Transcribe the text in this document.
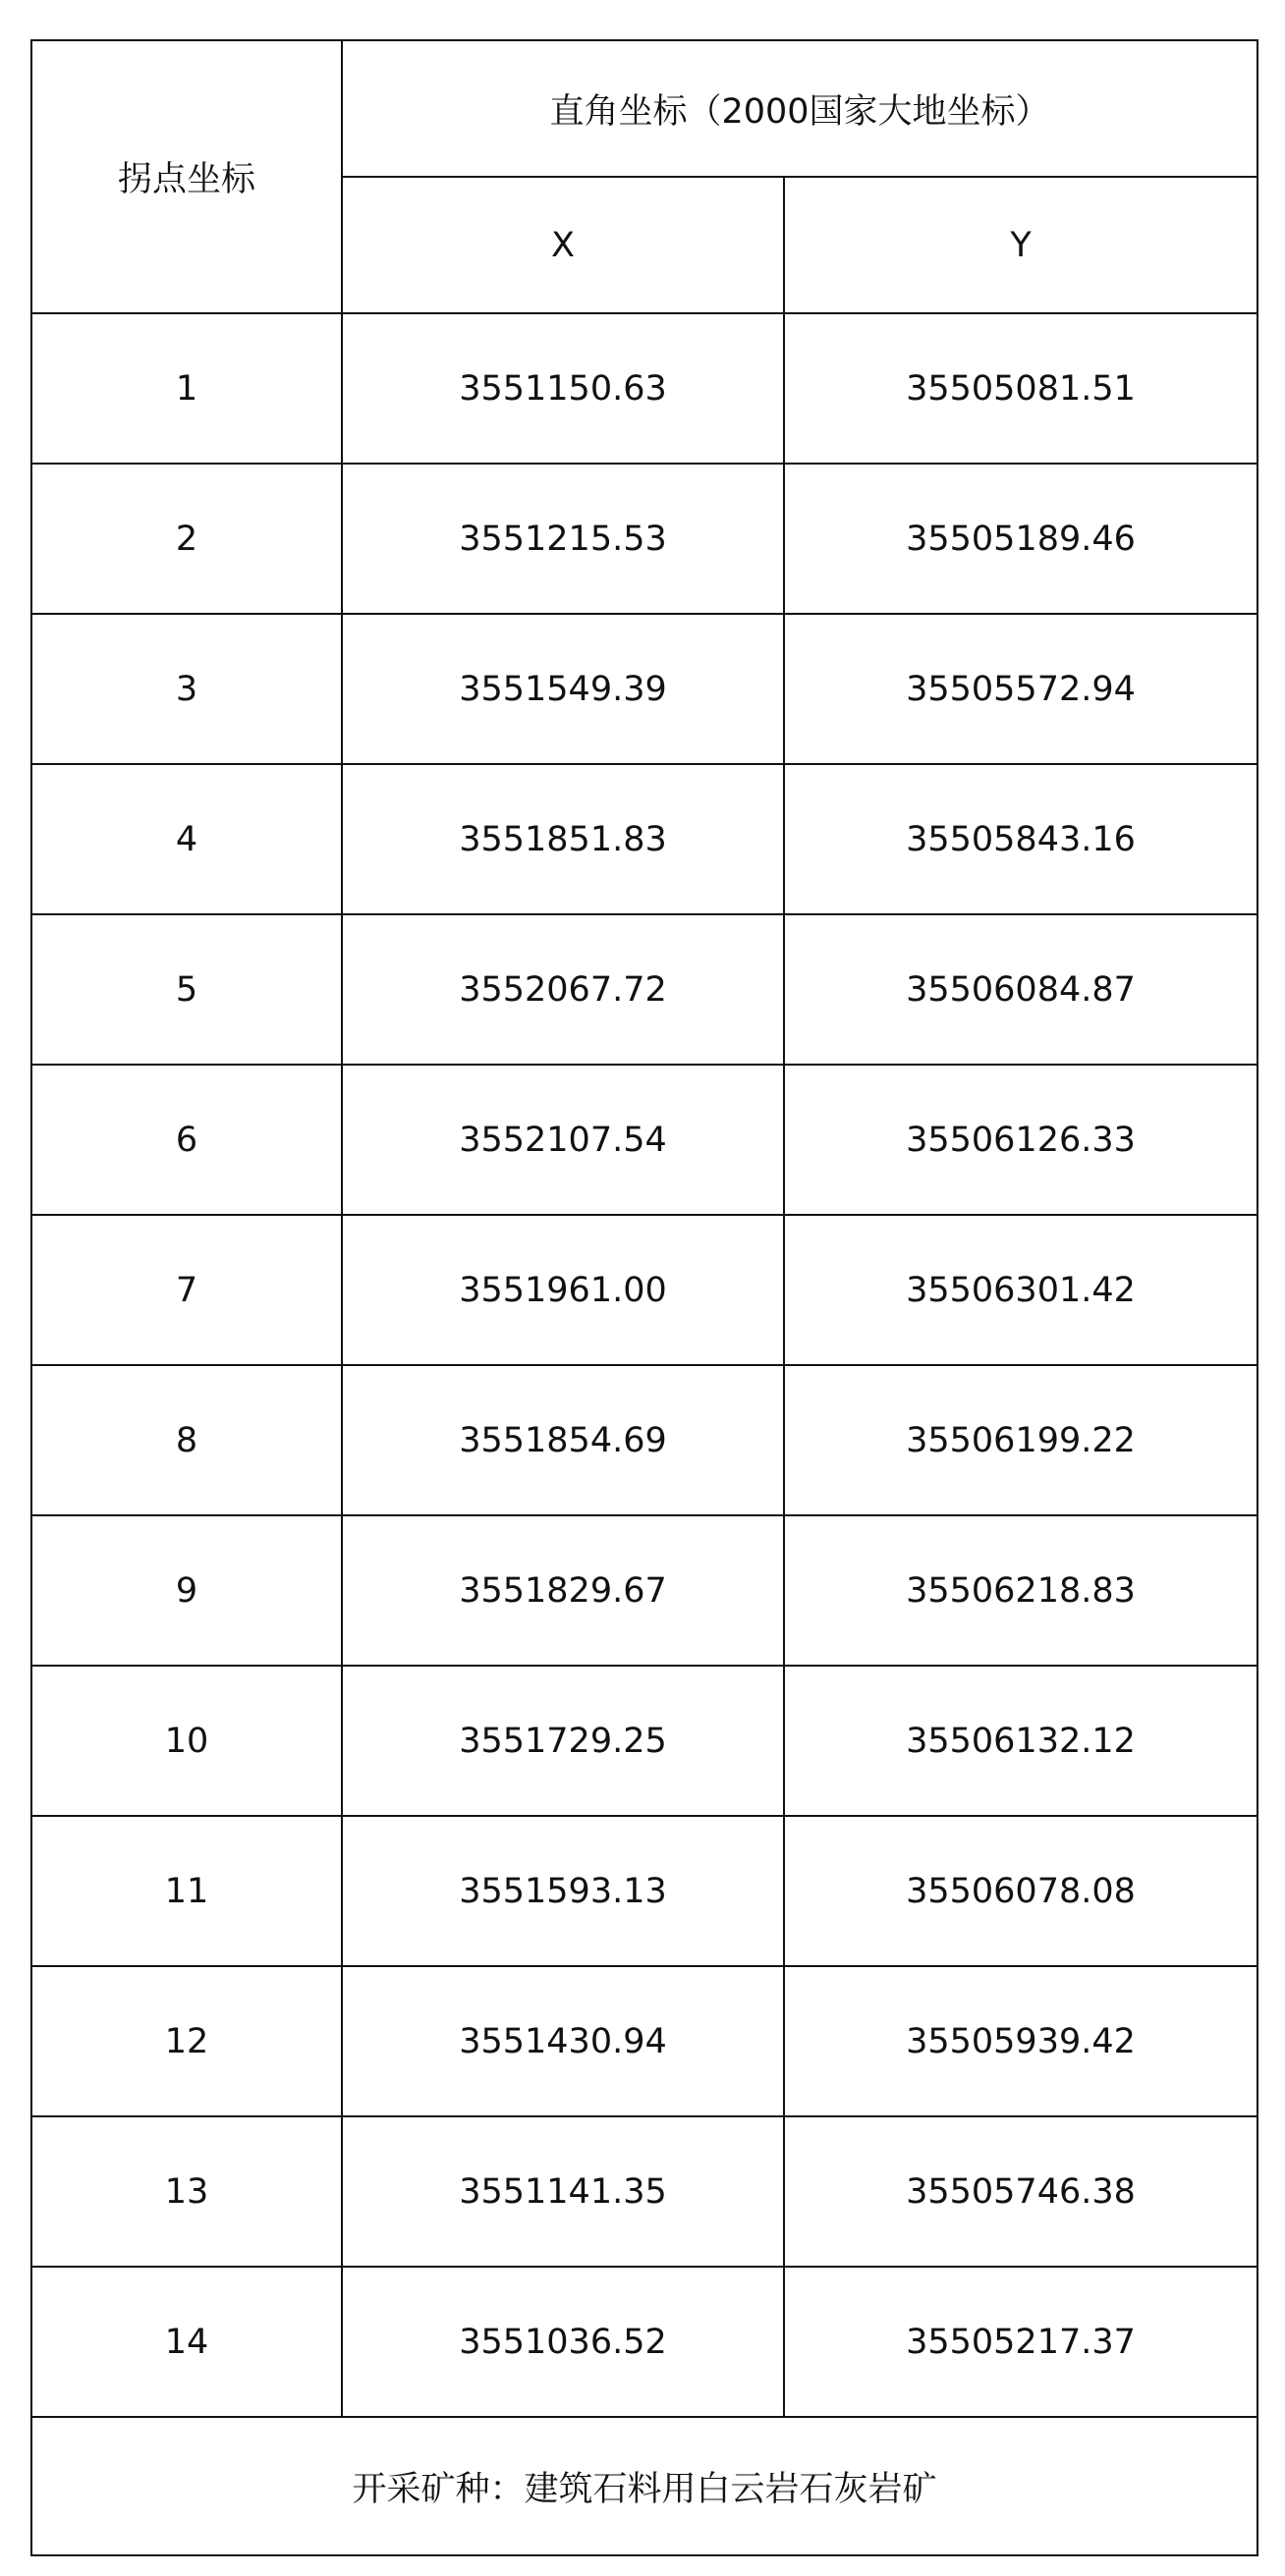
拐点坐标	直角坐标（2000国家大地坐标）	
	X	Y
1	3551150.63	35505081.51
2	3551215.53	35505189.46
3	3551549.39	35505572.94
4	3551851.83	35505843.16
5	3552067.72	35506084.87
6	3552107.54	35506126.33
7	3551961.00	35506301.42
8	3551854.69	35506199.22
9	3551829.67	35506218.83
10	3551729.25	35506132.12
11	3551593.13	35506078.08
12	3551430.94	35505939.42
13	3551141.35	35505746.38
14	3551036.52	35505217.37
开采矿种：建筑石料用白云岩石灰岩矿		
